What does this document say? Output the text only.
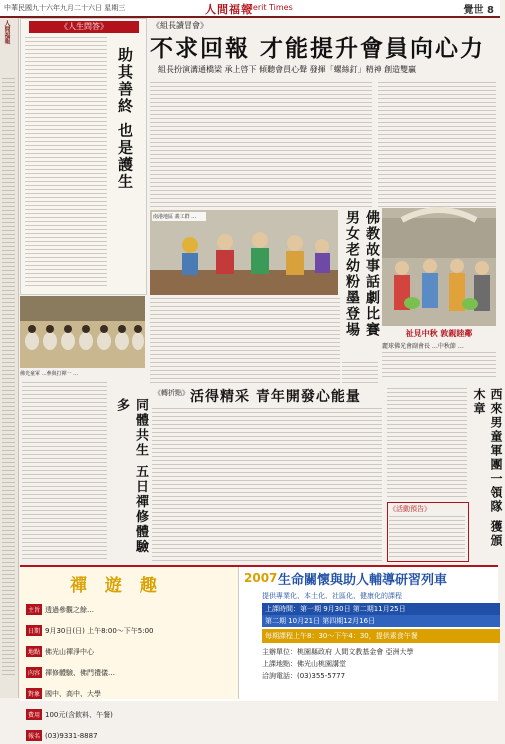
中華民國九十六年九月二十六日 星期三	人間福報
Merit Times	覺世 8
人間福報	《人生問答》
助其善終 也是護生
《組長讀冒會》
不求回報 才能提升會員向心力
組長扮演溝通橋梁 承上啓下 傾聽會員心聲 發揮「螺絲釘」精神 創造雙贏
南港地區 義工群 …	佛教故事話劇比賽 男女老幼粉墨登場	祉見中秋 敦親睦鄰
麗球佛光會副會長 …中秋節 …
佛光童軍 …參與打禪一 …
同體共生 五日禪修體驗多
《轉折點》 活得精采 青年開發心能量	西來男童軍團一領隊 獲頒木章
《活動預告》
禪 遊 趣
主旨 透過參觀之餘…
日期 9月30日(日) 上午8:00～下午5:00
地點 佛光山禪淨中心
內容 禪修體驗、佛門禮儀…
對象 國中、高中、大學
費用 100元(含飲料、午餐)
報名 (03)9331-8887
2007 生命關懷與助人輔導研習列車
提供專業化、本土化、社區化、健康化的課程
上課時間：第一期 9月30日 第二期11月25日
第二期 10月21日 第四期12月16日
每期課程上午8：30～下午4：30，提供素食午餐
主辦單位：桃園縣政府 人間文教基金會 亞洲大學
上課地點：佛光山桃園講堂
洽詢電話：(03)355-5777
